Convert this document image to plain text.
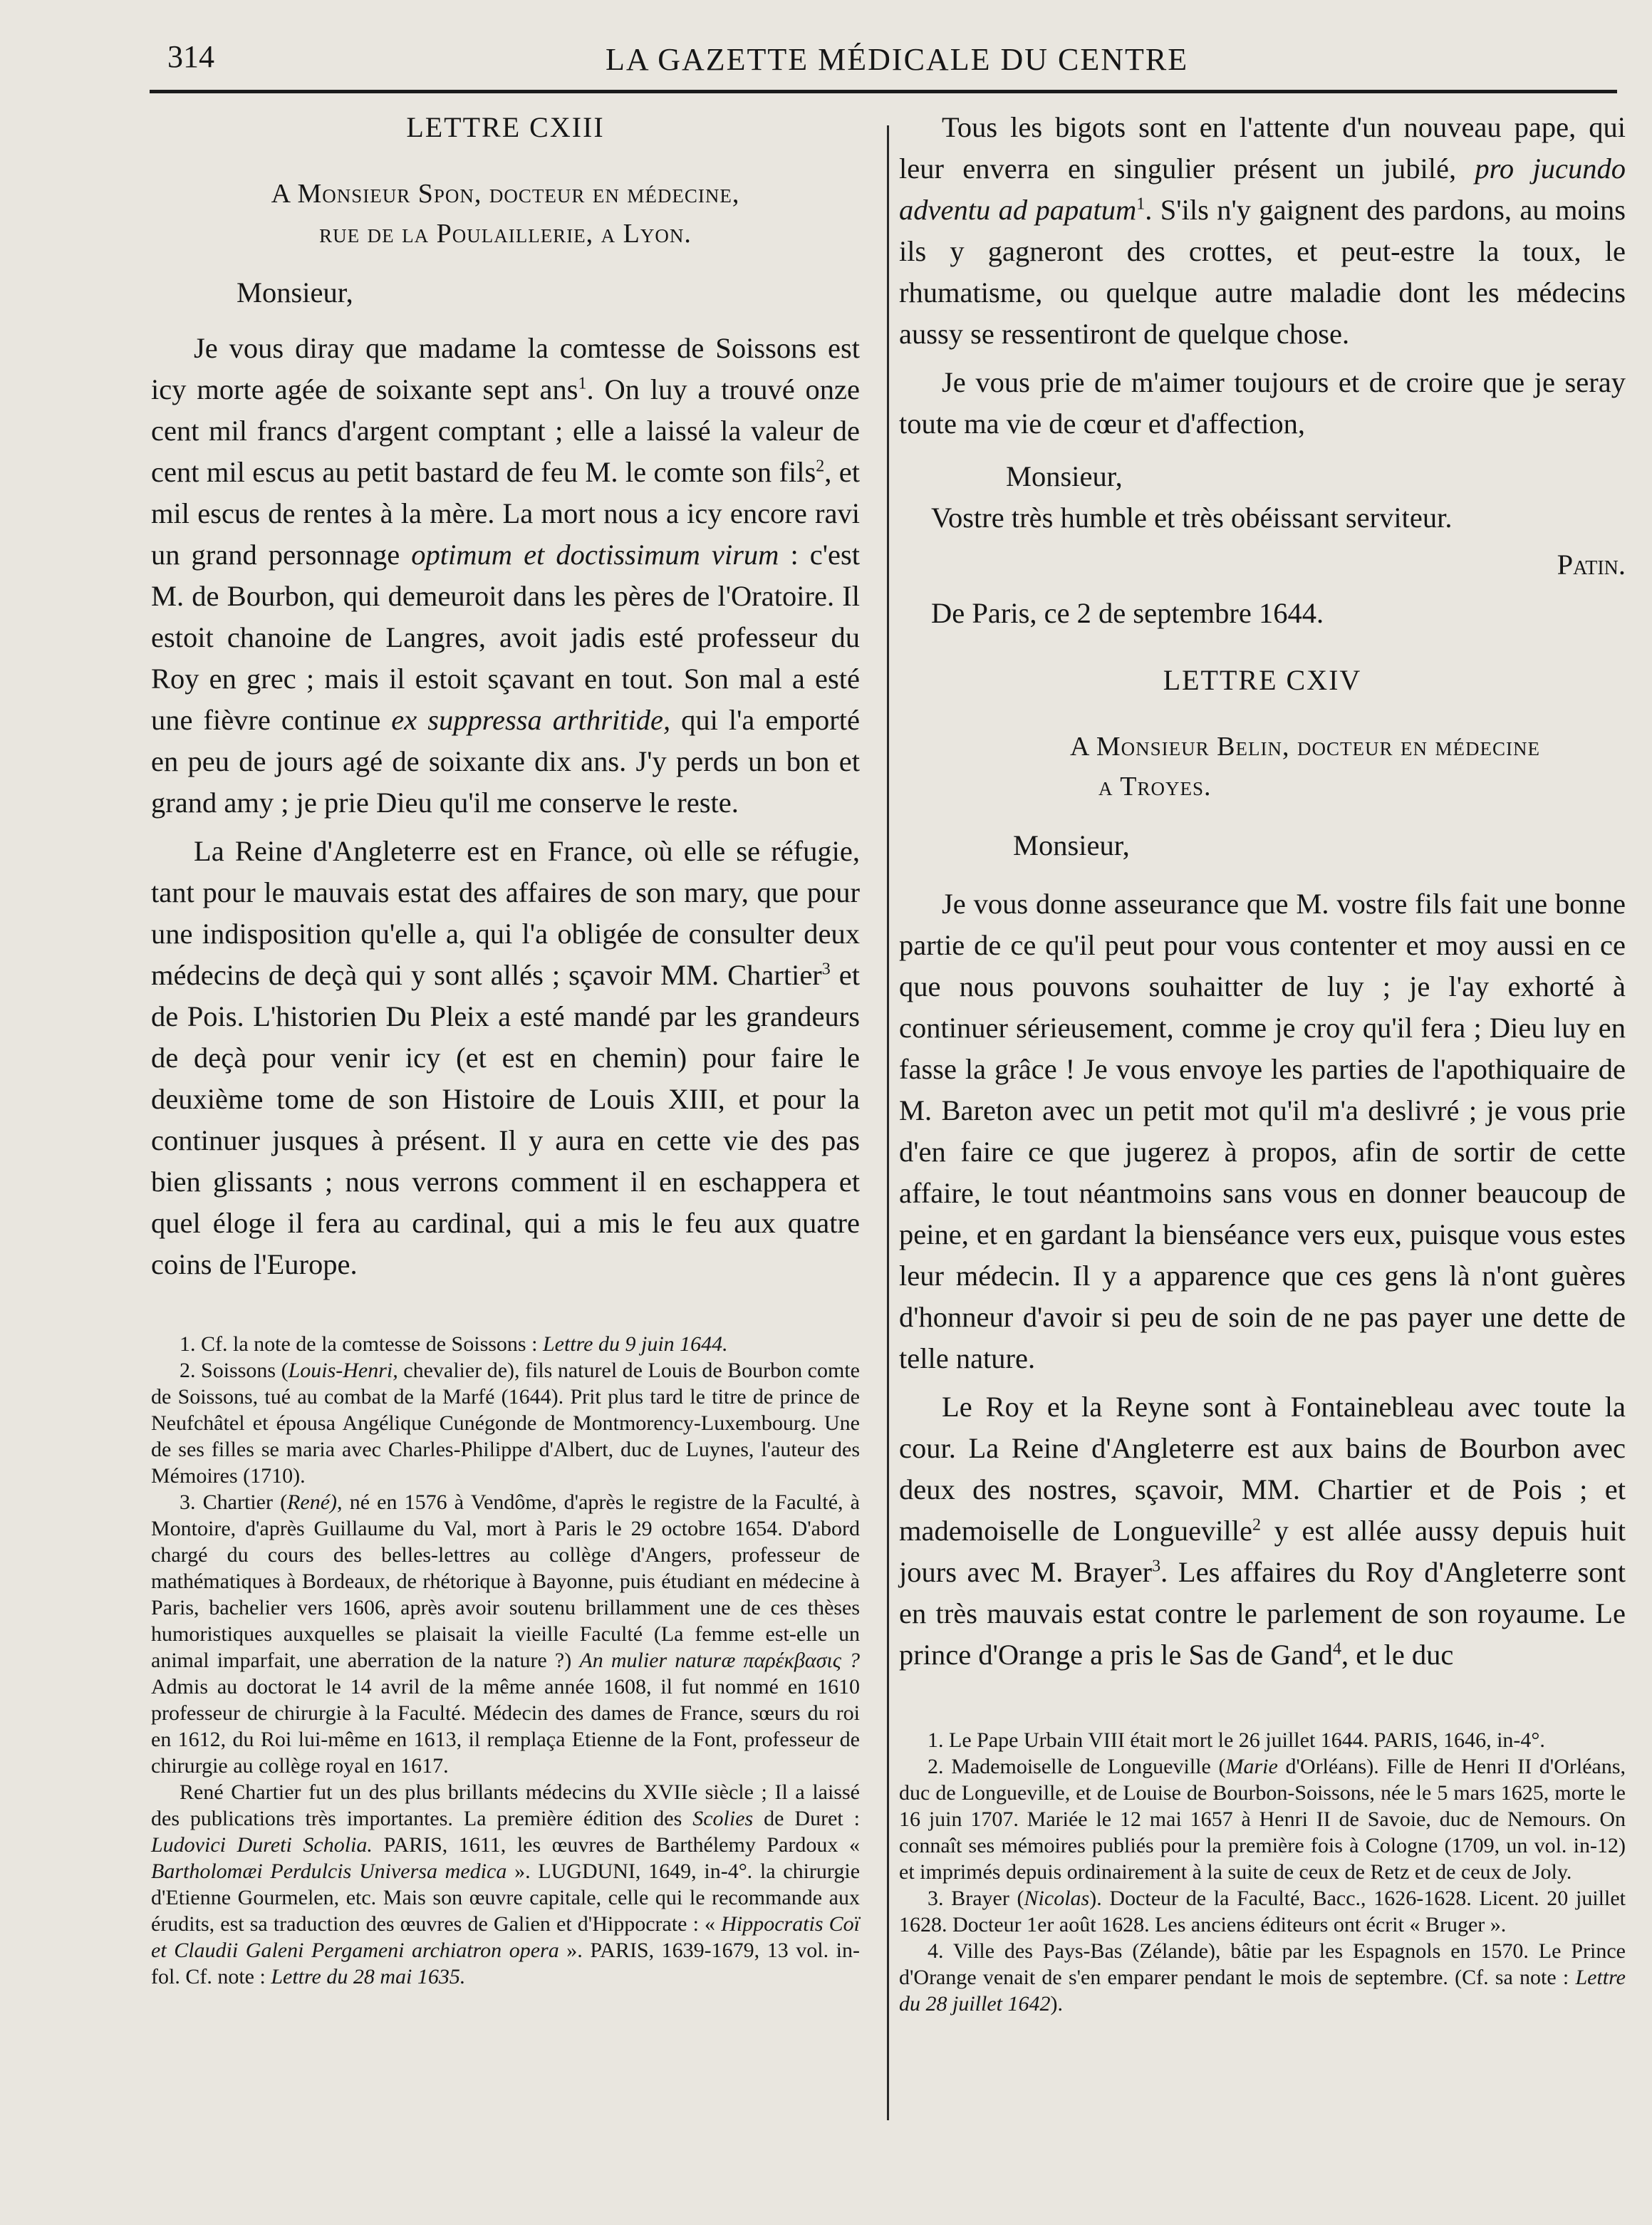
314	LA GAZETTE MÉDICALE DU CENTRE
LETTRE CXIII
A Monsieur Spon, docteur en médecine,
rue de la Poulaillerie, a Lyon.
Monsieur,

Je vous diray que madame la comtesse de Soissons est icy morte agée de soixante sept ans$^1$. On luy a trouvé onze cent mil francs d'argent comptant ; elle a laissé la valeur de cent mil escus au petit bastard de feu M. le comte son fils$^2$, et mil escus de rentes à la mère. La mort nous a icy encore ravi un grand personnage optimum et doctissimum virum : c'est M. de Bourbon, qui demeuroit dans les pères de l'Oratoire. Il estoit chanoine de Langres, avoit jadis esté professeur du Roy en grec ; mais il estoit sçavant en tout. Son mal a esté une fièvre continue ex suppressa arthritide, qui l'a emporté en peu de jours agé de soixante dix ans. J'y perds un bon et grand amy ; je prie Dieu qu'il me conserve le reste.

La Reine d'Angleterre est en France, où elle se réfugie, tant pour le mauvais estat des affaires de son mary, que pour une indisposition qu'elle a, qui l'a obligée de consulter deux médecins de deçà qui y sont allés ; sçavoir MM. Chartier$^3$ et de Pois. L'historien Du Pleix a esté mandé par les grandeurs de deçà pour venir icy (et est en chemin) pour faire le deuxième tome de son Histoire de Louis XIII, et pour la continuer jusques à présent. Il y aura en cette vie des pas bien glissants ; nous verrons comment il en eschappera et quel éloge il fera au cardinal, qui a mis le feu aux quatre coins de l'Europe.

1. Cf. la note de la comtesse de Soissons : Lettre du 9 juin 1644.

2. Soissons (Louis-Henri, chevalier de), fils naturel de Louis de Bourbon comte de Soissons, tué au combat de la Marfé (1644). Prit plus tard le titre de prince de Neufchâtel et épousa Angélique Cunégonde de Montmorency-Luxembourg. Une de ses filles se maria avec Charles-Philippe d'Albert, duc de Luynes, l'auteur des Mémoires (1710).

3. Chartier (René), né en 1576 à Vendôme, d'après le registre de la Faculté, à Montoire, d'après Guillaume du Val, mort à Paris le 29 octobre 1654. D'abord chargé du cours des belles-lettres au collège d'Angers, professeur de mathématiques à Bordeaux, de rhétorique à Bayonne, puis étudiant en médecine à Paris, bachelier vers 1606, après avoir soutenu brillamment une de ces thèses humoristiques auxquelles se plaisait la vieille Faculté (La femme est-elle un animal imparfait, une aberration de la nature ?) An mulier naturæ παρέκβασις ? Admis au doctorat le 14 avril de la même année 1608, il fut nommé en 1610 professeur de chirurgie à la Faculté. Médecin des dames de France, sœurs du roi en 1612, du Roi lui-même en 1613, il remplaça Etienne de la Font, professeur de chirurgie au collège royal en 1617.

René Chartier fut un des plus brillants médecins du XVIIe siècle ; Il a laissé des publications très importantes. La première édition des Scolies de Duret : Ludovici Dureti Scholia. PARIS, 1611, les œuvres de Barthélemy Pardoux « Bartholomæi Perdulcis Universa medica ». LUGDUNI, 1649, in-4°. la chirurgie d'Etienne Gourmelen, etc. Mais son œuvre capitale, celle qui le recommande aux érudits, est sa traduction des œuvres de Galien et d'Hippocrate : « Hippocratis Coï et Claudii Galeni Pergameni archiatron opera ». PARIS, 1639-1679, 13 vol. in-fol. Cf. note : Lettre du 28 mai 1635.

Tous les bigots sont en l'attente d'un nouveau pape, qui leur enverra en singulier présent un jubilé, pro jucundo adventu ad papatum$^1$. S'ils n'y gaignent des pardons, au moins ils y gagneront des crottes, et peut-estre la toux, le rhumatisme, ou quelque autre maladie dont les médecins aussy se ressentiront de quelque chose.

Je vous prie de m'aimer toujours et de croire que je seray toute ma vie de cœur et d'affection,

Monsieur,

Vostre très humble et très obéissant serviteur.

Patin.

De Paris, ce 2 de septembre 1644.

LETTRE CXIV
A Monsieur Belin, docteur en médecine
a Troyes.
Monsieur,

Je vous donne asseurance que M. vostre fils fait une bonne partie de ce qu'il peut pour vous contenter et moy aussi en ce que nous pouvons souhaitter de luy ; je l'ay exhorté à continuer sérieusement, comme je croy qu'il fera ; Dieu luy en fasse la grâce ! Je vous envoye les parties de l'apothiquaire de M. Bareton avec un petit mot qu'il m'a deslivré ; je vous prie d'en faire ce que jugerez à propos, afin de sortir de cette affaire, le tout néantmoins sans vous en donner beaucoup de peine, et en gardant la bienséance vers eux, puisque vous estes leur médecin. Il y a apparence que ces gens là n'ont guères d'honneur d'avoir si peu de soin de ne pas payer une dette de telle nature.

Le Roy et la Reyne sont à Fontainebleau avec toute la cour. La Reine d'Angleterre est aux bains de Bourbon avec deux des nostres, sçavoir, MM. Chartier et de Pois ; et mademoiselle de Longueville$^2$ y est allée aussy depuis huit jours avec M. Brayer$^3$. Les affaires du Roy d'Angleterre sont en très mauvais estat contre le parlement de son royaume. Le prince d'Orange a pris le Sas de Gand$^4$, et le duc

1. Le Pape Urbain VIII était mort le 26 juillet 1644. PARIS, 1646, in-4°.

2. Mademoiselle de Longueville (Marie d'Orléans). Fille de Henri II d'Orléans, duc de Longueville, et de Louise de Bourbon-Soissons, née le 5 mars 1625, morte le 16 juin 1707. Mariée le 12 mai 1657 à Henri II de Savoie, duc de Nemours. On connaît ses mémoires publiés pour la première fois à Cologne (1709, un vol. in-12) et imprimés depuis ordinairement à la suite de ceux de Retz et de ceux de Joly.

3. Brayer (Nicolas). Docteur de la Faculté, Bacc., 1626-1628. Licent. 20 juillet 1628. Docteur 1er août 1628. Les anciens éditeurs ont écrit « Bruger ».

4. Ville des Pays-Bas (Zélande), bâtie par les Espagnols en 1570. Le Prince d'Orange venait de s'en emparer pendant le mois de septembre. (Cf. sa note : Lettre du 28 juillet 1642).
